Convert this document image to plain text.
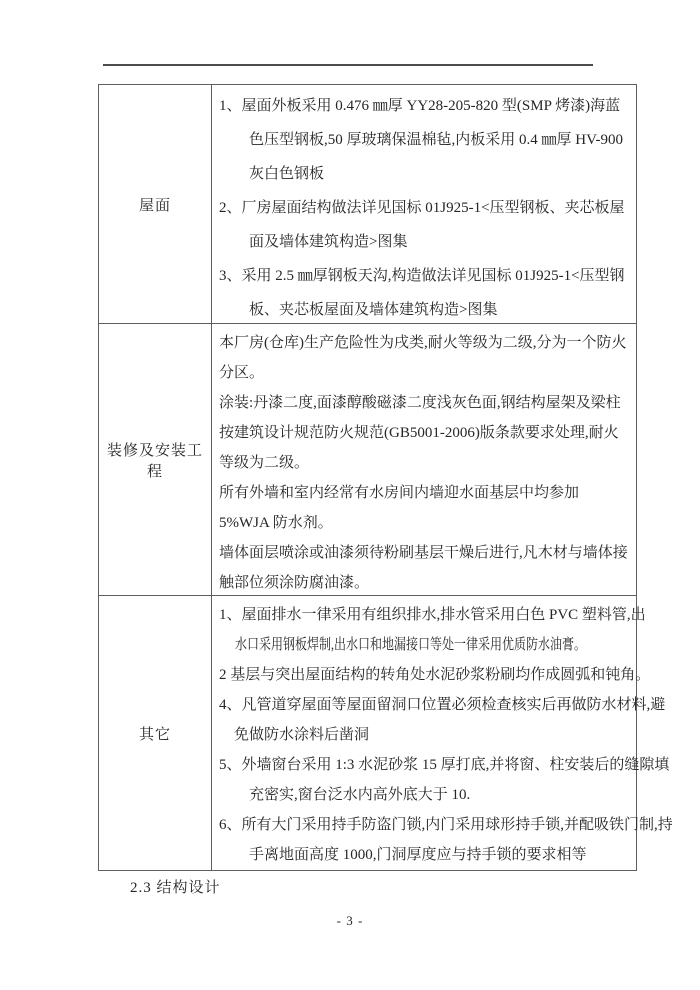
屋面

1、屋面外板采用 0.476 ㎜厚 YY28-205-820 型(SMP 烤漆)海蓝色压型钢板,50 厚玻璃保温棉毡,内板采用 0.4 ㎜厚 HV-900 灰白色钢板

2、厂房屋面结构做法详见国标 01J925-1<压型钢板、夹芯板屋面及墙体建筑构造>图集

3、采用 2.5 ㎜厚钢板天沟,构造做法详见国标 01J925-1<压型钢板、夹芯板屋面及墙体建筑构造>图集

装修及安装工程

本厂房(仓库)生产危险性为戌类,耐火等级为二级,分为一个防火分区。

涂装:丹漆二度,面漆醇酸磁漆二度浅灰色面,钢结构屋架及梁柱按建筑设计规范防火规范(GB5001-2006)版条款要求处理,耐火等级为二级。

所有外墙和室内经常有水房间内墙迎水面基层中均参加 5%WJA 防水剂。

墙体面层喷涂或油漆须待粉刷基层干燥后进行,凡木材与墙体接触部位须涂防腐油漆。

其它
1、屋面排水一律采用有组织排水,排水管采用白色 PVC 塑料管,出
水口采用钢板焊制,出水口和地漏接口等处一律采用优质防水油膏。

2 基层与突出屋面结构的转角处水泥砂浆粉刷均作成圆弧和钝角。

4、凡管道穿屋面等屋面留洞口位置必须检查核实后再做防水材料,避免做防水涂料后凿洞

5、外墙窗台采用 1:3 水泥砂浆 15 厚打底,并将窗、柱安装后的缝隙填充密实,窗台泛水内高外底大于 10.

6、所有大门采用持手防盗门锁,内门采用球形持手锁,并配吸铁门制,持手离地面高度 1000,门洞厚度应与持手锁的要求相等

2.3 结构设计
- 3 -
